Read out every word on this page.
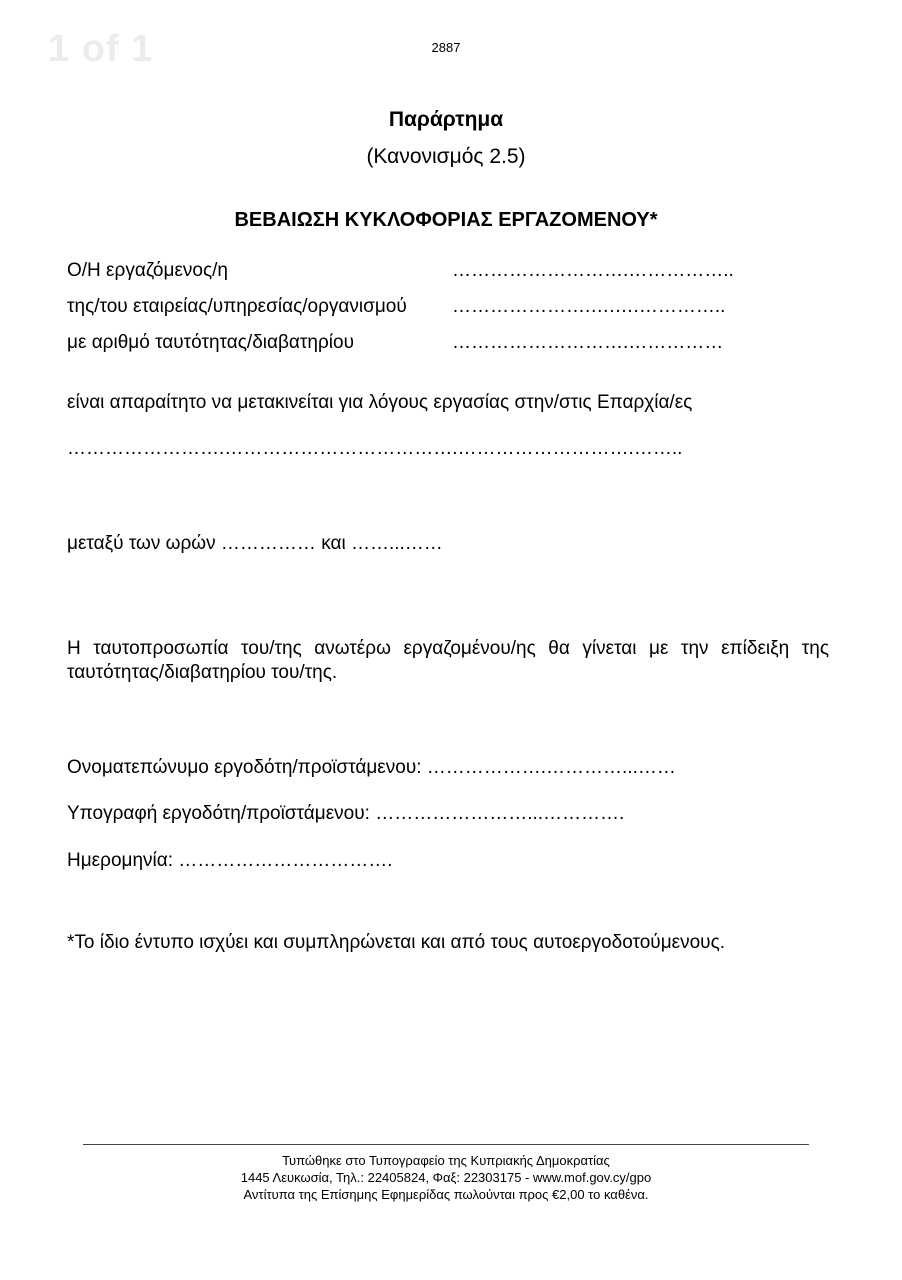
1 of 1	2887
Παράρτημα
(Κανονισμός 2.5)
ΒΕΒΑΙΩΣΗ ΚΥΚΛΟΦΟΡΙΑΣ ΕΡΓΑΖΟΜΕΝΟΥ*
Ο/Η εργαζόμενος/η	……………………….……………..
της/του εταιρείας/υπηρεσίας/οργανισμού ………………….….….…………..
με αριθμό ταυτότητας/διαβατηρίου	……………………….……………
είναι απαραίτητο να μετακινείται για λόγους εργασίας στην/στις Επαρχία/ες
…………………….……………………………….……………………….……..
μεταξύ των ωρών …………… και ……...……
Η ταυτοπροσωπία του/της ανωτέρω εργαζομένου/ης θα γίνεται με την επίδειξη της ταυτότητας/διαβατηρίου του/της.
Ονοματεπώνυμο εργοδότη/προϊστάμενου: ……………….…………...……
Υπογραφή εργοδότη/προϊστάμενου: ……………………...………….
Ημερομηνία: …………………………….
*Το ίδιο έντυπο ισχύει και συμπληρώνεται και από τους αυτοεργοδοτούμενους.
Τυπώθηκε στο Τυπογραφείο της Κυπριακής Δημοκρατίας
1445 Λευκωσία, Τηλ.: 22405824, Φαξ: 22303175 - www.mof.gov.cy/gpo
Αντίτυπα της Επίσημης Εφημερίδας πωλούνται προς €2,00 το καθένα.
